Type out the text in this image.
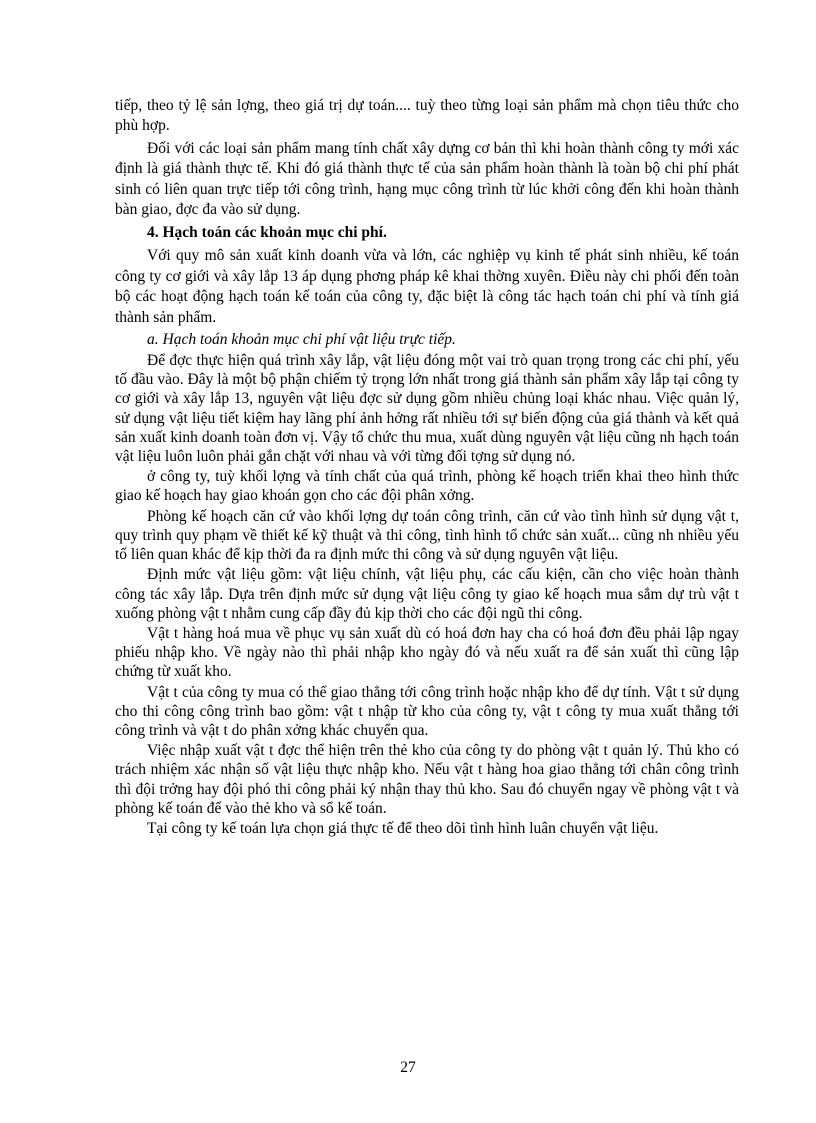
tiếp, theo tỷ lệ sản lợng, theo giá trị dự toán.... tuỳ theo từng loại sản phẩm mà chọn tiêu thức cho phù hợp.

Đối với các loại sản phẩm mang tính chất xây dựng cơ bản thì khi hoàn thành công ty mới xác định là giá thành thực tế. Khi đó giá thành thực tế của sản phẩm hoàn thành là toàn bộ chi phí phát sinh có liên quan trực tiếp tới công trình, hạng mục công trình từ lúc khởi công đến khi hoàn thành bàn giao, đợc đa vào sử dụng.

4. Hạch toán các khoản mục chi phí.

Với quy mô sản xuất kinh doanh vừa và lớn, các nghiệp vụ kinh tế phát sinh nhiều, kế toán công ty cơ giới và xây lắp 13 áp dụng phơng pháp kê khai thờng xuyên. Điều này chi phối đến toàn bộ các hoạt động hạch toán kế toán của công ty, đặc biệt là công tác hạch toán chi phí và tính giá thành sản phẩm.

a. Hạch toán khoản mục chi phí vật liệu trực tiếp.

Để đợc thực hiện quá trình xây lắp, vật liệu đóng một vai trò quan trọng trong các chi phí, yếu tố đầu vào. Đây là một bộ phận chiếm tỷ trọng lớn nhất trong giá thành sản phẩm xây lắp tại công ty cơ giới và xây lắp 13, nguyên vật liệu đợc sử dụng gồm nhiều chủng loại khác nhau. Việc quản lý, sử dụng vật liệu tiết kiệm hay lãng phí ảnh hởng rất nhiều tới sự biến động của giá thành và kết quả sản xuất kinh doanh toàn đơn vị. Vậy tổ chức thu mua, xuất dùng nguyên vật liệu cũng nh hạch toán vật liệu luôn luôn phải gắn chặt với nhau và với từng đối tợng sử dụng nó.

ở công ty, tuỳ khối lợng và tính chất của quá trình, phòng kế hoạch triển khai theo hình thức giao kế hoạch hay giao khoán gọn cho các đội phân xởng.

Phòng kế hoạch căn cứ vào khối lợng dự toán công trình, căn cứ vào tình hình sử dụng vật t, quy trình quy phạm về thiết kế kỹ thuật và thi công, tình hình tổ chức sản xuất... cũng nh nhiều yếu tố liên quan khác để kịp thời đa ra định mức thi công và sử dụng nguyên vật liệu.

Định mức vật liệu gồm: vật liệu chính, vật liệu phụ, các cấu kiện, cần cho việc hoàn thành công tác xây lắp. Dựa trên định mức sử dụng vật liệu công ty giao kế hoạch mua sắm dự trù vật t xuống phòng vật t nhằm cung cấp đầy đủ kịp thời cho các đội ngũ thi công.

Vật t hàng hoá mua về phục vụ sản xuất dù có hoá đơn hay cha có hoá đơn đều phải lập ngay phiếu nhập kho. Về ngày nào thì phải nhập kho ngày đó và nếu xuất ra để sản xuất thì cũng lập chứng từ xuất kho.

Vật t của công ty mua có thể giao thẳng tới công trình hoặc nhập kho để dự tính. Vật t sử dụng cho thi công công trình bao gồm: vật t nhập từ kho của công ty, vật t công ty mua xuất thẳng tới công trình và vật t do phân xởng khác chuyển qua.

Việc nhập xuất vật t đợc thể hiện trên thẻ kho của công ty do phòng vật t quản lý. Thủ kho có trách nhiệm xác nhận số vật liệu thực nhập kho. Nếu vật t hàng hoa giao thẳng tới chân công trình thì đội trởng hay đội phó thi công phải ký nhận thay thủ kho. Sau đó chuyển ngay về phòng vật t và phòng kế toán để vào thẻ kho và sổ kế toán.

Tại công ty kế toán lựa chọn giá thực tế để theo dõi tình hình luân chuyển vật liệu.

27
